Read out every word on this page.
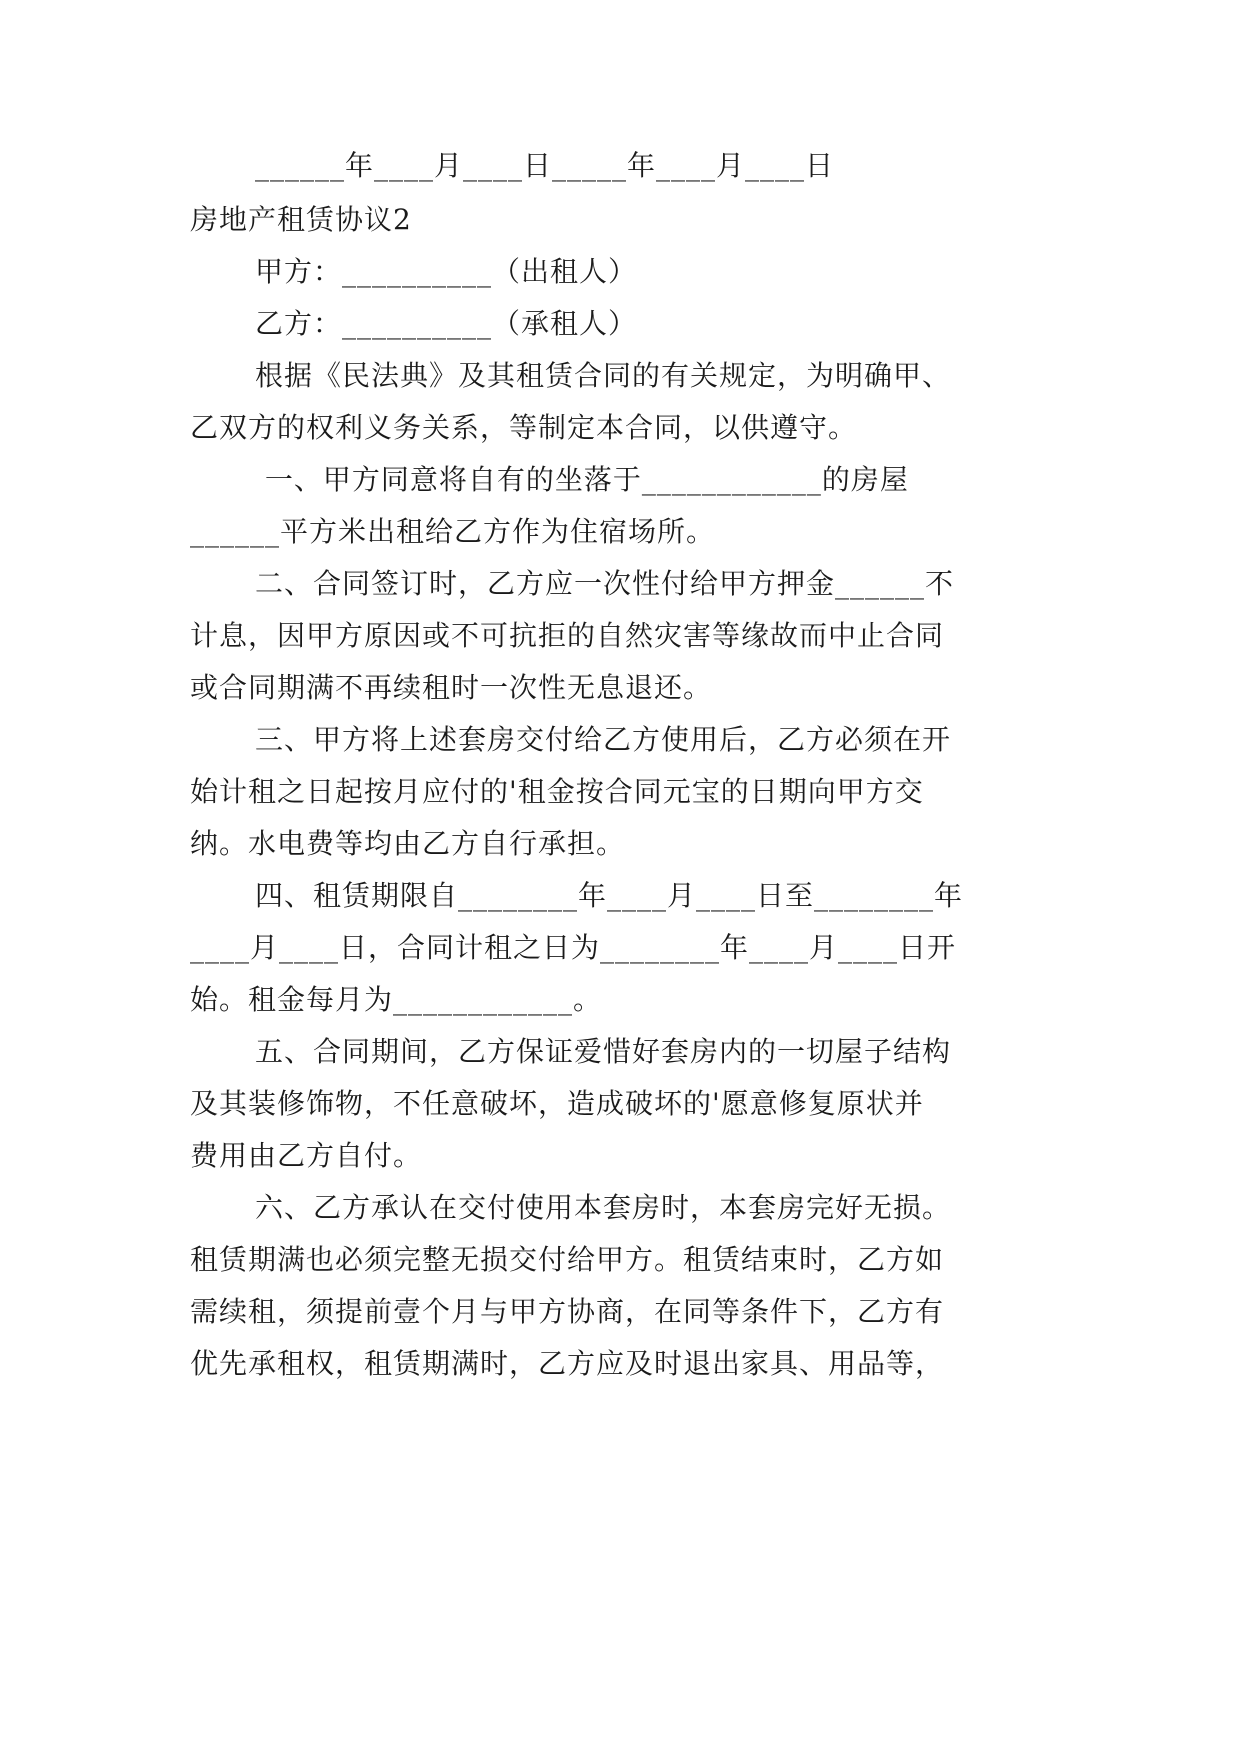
______年____月____日_____年____月____日
房地产租赁协议2
甲方：__________（出租人）
乙方：__________（承租人）
根据《民法典》及其租赁合同的有关规定，为明确甲、
乙双方的权利义务关系，等制定本合同，以供遵守。
一、甲方同意将自有的坐落于____________的房屋
______平方米出租给乙方作为住宿场所。
二、合同签订时，乙方应一次性付给甲方押金______不
计息，因甲方原因或不可抗拒的自然灾害等缘故而中止合同
或合同期满不再续租时一次性无息退还。
三、甲方将上述套房交付给乙方使用后，乙方必须在开
始计租之日起按月应付的'租金按合同元宝的日期向甲方交
纳。水电费等均由乙方自行承担。
四、租赁期限自________年____月____日至________年
____月____日，合同计租之日为________年____月____日开
始。租金每月为____________。
五、合同期间，乙方保证爱惜好套房内的一切屋子结构
及其装修饰物，不任意破坏，造成破坏的'愿意修复原状并
费用由乙方自付。
六、乙方承认在交付使用本套房时，本套房完好无损。
租赁期满也必须完整无损交付给甲方。租赁结束时，乙方如
需续租，须提前壹个月与甲方协商，在同等条件下，乙方有
优先承租权，租赁期满时，乙方应及时退出家具、用品等，
